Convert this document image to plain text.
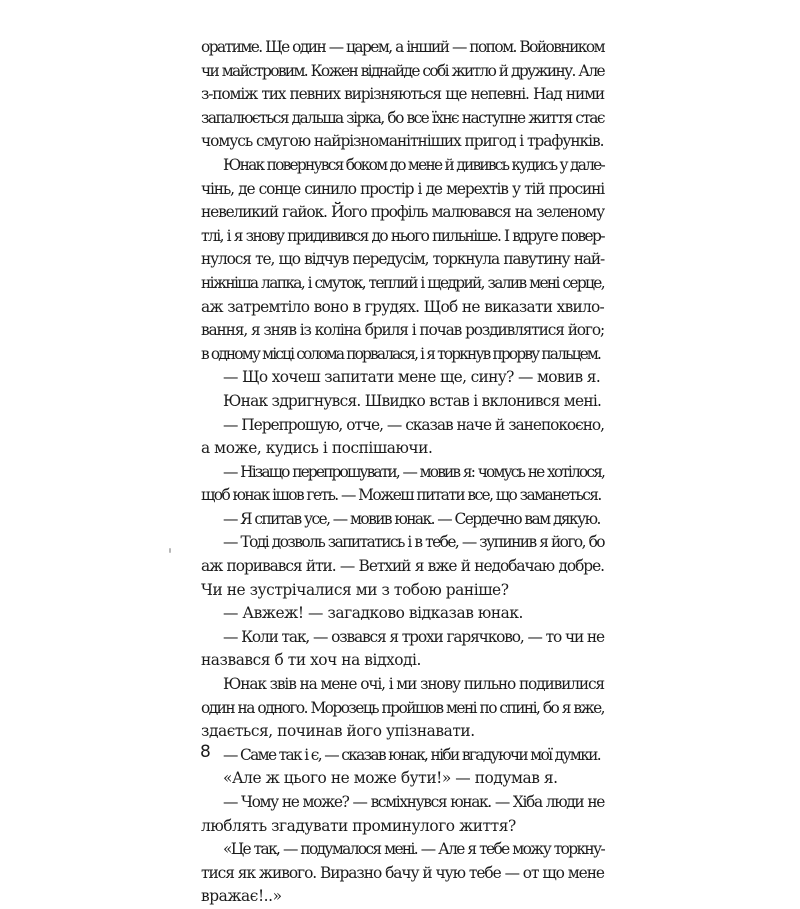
оратиме. Ще один — царем, а інший — попом. Войовником
чи майстровим. Кожен віднайде собі житло й дружину. Але
з-поміж тих певних вирізняються ще непевні. Над ними
запалюється дальша зірка, бо все їхнє наступне життя стає
чомусь смугою найрізноманітніших пригод і трафунків.
Юнак повернувся боком до мене й дививсь кудись у дале-
чінь, де сонце синило простір і де мерехтів у тій просині
невеликий гайок. Його профіль малювався на зеленому
тлі, і я знову придивився до нього пильніше. І вдруге повер-
нулося те, що відчув передусім, торкнула павутину най-
ніжніша лапка, і смуток, теплий і щедрий, залив мені серце,
аж затремтіло воно в грудях. Щоб не виказати хвило-
вання, я зняв із коліна бриля і почав роздивлятися його;
в одному місці солома порвалася, і я торкнув прорву пальцем.
— Що хочеш запитати мене ще, сину? — мовив я.
Юнак здригнувся. Швидко встав і вклонився мені.
— Перепрошую, отче, — сказав наче й занепокоєно,
а може, кудись і поспішаючи.
— Нізащо перепрошувати, — мовив я: чомусь не хотілося,
щоб юнак ішов геть. — Можеш питати все, що заманеться.
— Я спитав усе, — мовив юнак. — Сердечно вам дякую.
— Тоді дозволь запитатись і в тебе, — зупинив я його, бо
аж поривався йти. — Ветхий я вже й недобачаю добре.
Чи не зустрічалися ми з тобою раніше?
— Авжеж! — загадково відказав юнак.
— Коли так, — озвався я трохи гарячково, — то чи не
назвався б ти хоч на відході.
Юнак звів на мене очі, і ми знову пильно подивилися
один на одного. Морозець пройшов мені по спині, бо я вже,
здається, починав його упізнавати.
— Саме так і є, — сказав юнак, ніби вгадуючи мої думки.
«Але ж цього не може бути!» — подумав я.
— Чому не може? — всміхнувся юнак. — Хіба люди не
люблять згадувати проминулого життя?
«Це так, — подумалося мені. — Але я тебе можу торкну-
тися як живого. Виразно бачу й чую тебе — от що мене
вражає!..»
8
